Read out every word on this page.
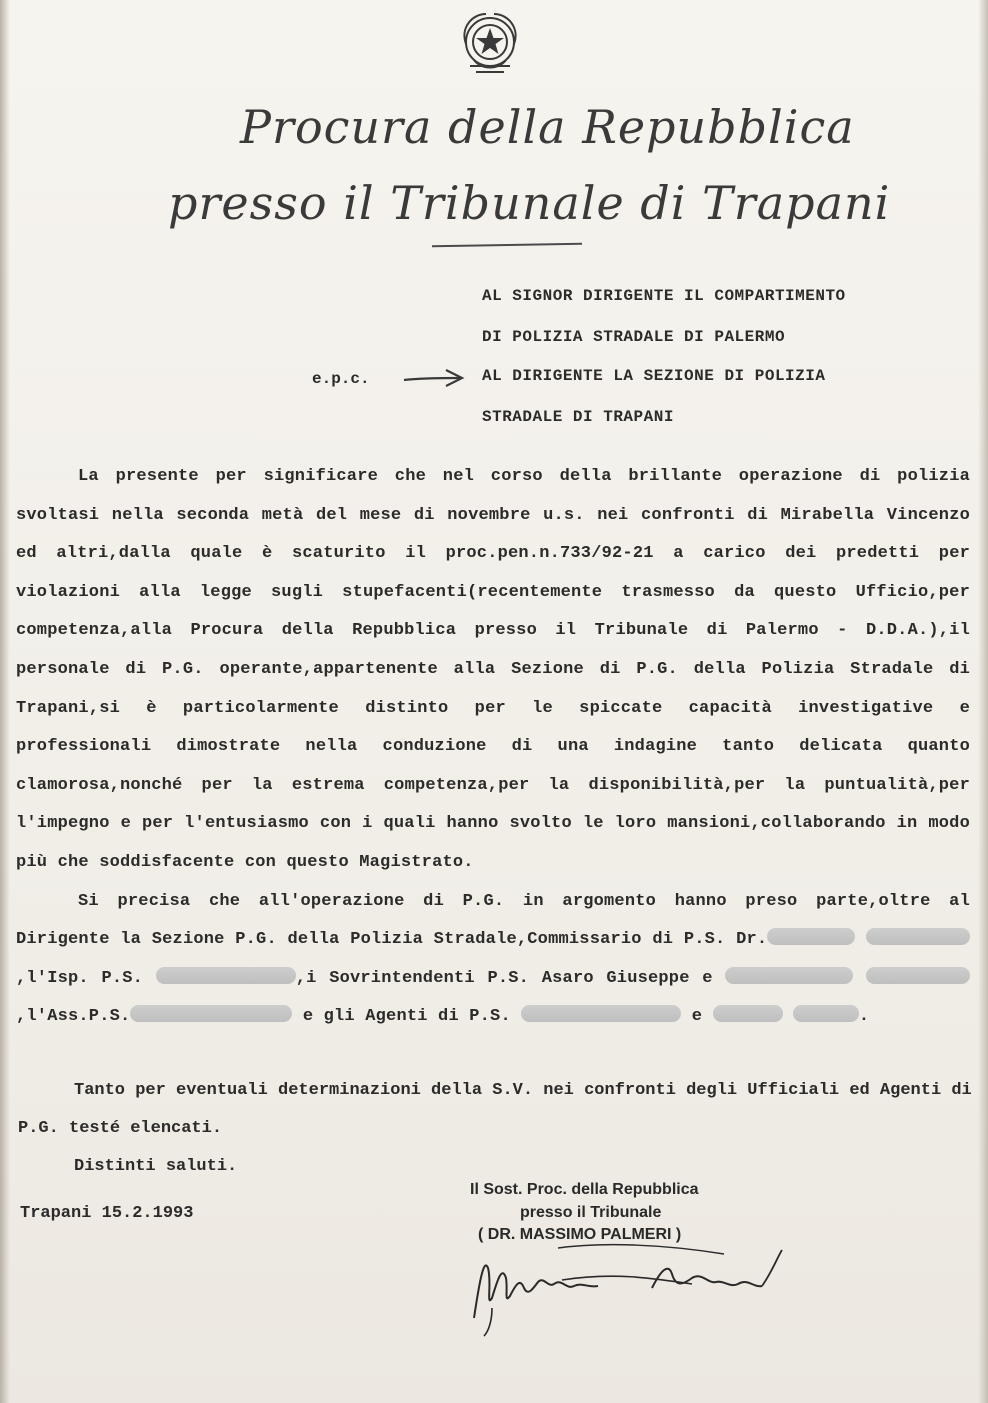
Procura della Repubblica
presso il Tribunale di Trapani

AL SIGNOR DIRIGENTE IL COMPARTIMENTO

DI POLIZIA STRADALE DI PALERMO

e.p.c.	AL DIRIGENTE LA SEZIONE DI POLIZIA

STRADALE DI TRAPANI

La presente per significare che nel corso della brillante operazione di polizia svoltasi nella seconda metà del mese di novembre u.s. nei confronti di Mirabella Vincenzo ed altri,dalla quale è scaturito il proc.pen.n.733/92-21 a carico dei predetti per violazioni alla legge sugli stupefacenti(recentemente trasmesso da questo Ufficio,per competenza,alla Procura della Repubblica presso il Tribunale di Palermo - D.D.A.),il personale di P.G. operante,appartenente alla Sezione di P.G. della Polizia Stradale di Trapani,si è particolarmente distinto per le spiccate capacità investigative e professionali dimostrate nella conduzione di una indagine tanto delicata quanto clamorosa,nonché per la estrema competenza,per la disponibilità,per la puntualità,per l'impegno e per l'entusiasmo con i quali hanno svolto le loro mansioni,collaborando in modo più che soddisfacente con questo Magistrato.

Si precisa che all'operazione di P.G. in argomento hanno preso parte,oltre al Dirigente la Sezione P.G. della Polizia Stradale,Commissario di P.S. Dr. ,l'Isp. P.S.	,i Sovrintendenti P.S. Asaro Giuseppe e  ,l'Ass.P.S.	e gli Agenti di P.S.	e	.

Tanto per eventuali determinazioni della S.V. nei confronti degli Ufficiali ed Agenti di P.G. testé elencati.

Distinti saluti.

Trapani 15.2.1993

Il Sost. Proc. della Repubblica

presso il Tribunale

( DR. MASSIMO PALMERI )
